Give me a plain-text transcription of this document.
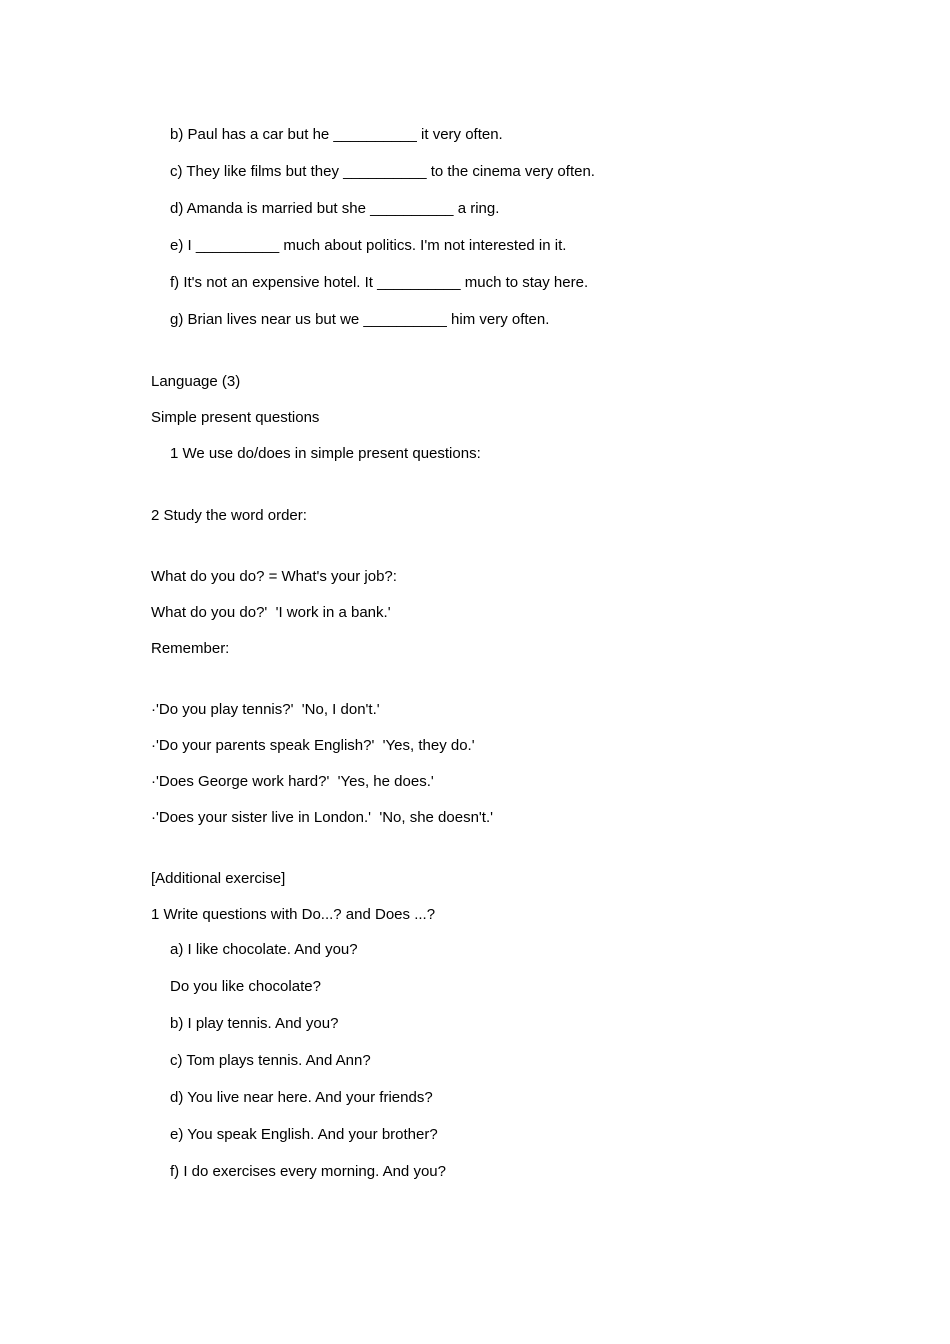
b) Paul has a car but he __________ it very often.
c) They like films but they __________ to the cinema very often.
d) Amanda is married but she __________ a ring.
e) I __________ much about politics. I'm not interested in it.
f) It's not an expensive hotel. It __________ much to stay here.
g) Brian lives near us but we __________ him very often.
Language (3)
Simple present questions
1 We use do/does in simple present questions:
2 Study the word order:
What do you do? = What's your job?:
What do you do?'  'I work in a bank.'
Remember:
·'Do you play tennis?'  'No, I don't.'
·'Do your parents speak English?'  'Yes, they do.'
·'Does George work hard?'  'Yes, he does.'
·'Does your sister live in London.'  'No, she doesn't.'
[Additional exercise]
1 Write questions with Do...? and Does ...?
a) I like chocolate. And you?
Do you like chocolate?
b) I play tennis. And you?
c) Tom plays tennis. And Ann?
d) You live near here. And your friends?
e) You speak English. And your brother?
f) I do exercises every morning. And you?
